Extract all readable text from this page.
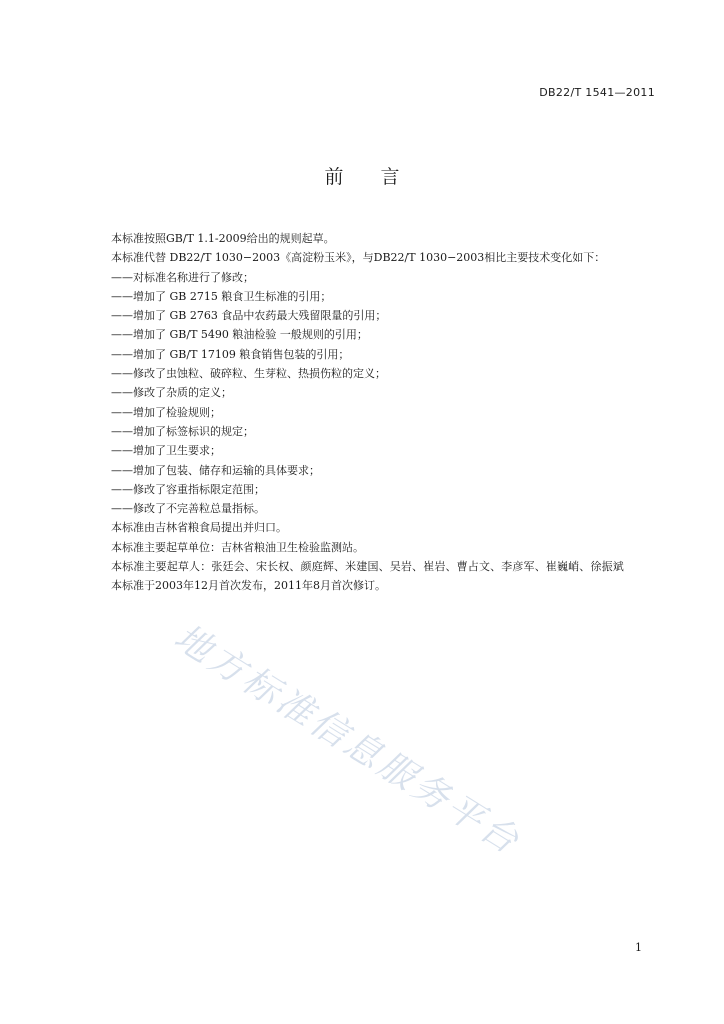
DB22/T 1541—2011
前言

本标准按照GB/T 1.1-2009给出的规则起草。

本标准代替 DB22/T 1030−2003《高淀粉玉米》，与DB22/T 1030−2003相比主要技术变化如下：

——对标准名称进行了修改；
——增加了 GB 2715 粮食卫生标准的引用；
——增加了 GB 2763 食品中农药最大残留限量的引用；
——增加了 GB/T 5490 粮油检验 一般规则的引用；
——增加了 GB/T 17109 粮食销售包装的引用；
——修改了虫蚀粒、破碎粒、生芽粒、热损伤粒的定义；
——修改了杂质的定义；
——增加了检验规则；
——增加了标签标识的规定；
——增加了卫生要求；
——增加了包装、储存和运输的具体要求；
——修改了容重指标限定范围；
——修改了不完善粒总量指标。

本标准由吉林省粮食局提出并归口。

本标准主要起草单位：吉林省粮油卫生检验监测站。

本标准主要起草人：张廷会、宋长权、颜庭辉、米建国、吴岩、崔岩、曹占文、李彦军、崔巍峭、徐振斌

本标准于2003年12月首次发布，2011年8月首次修订。

地方标准信息服务平台
1
